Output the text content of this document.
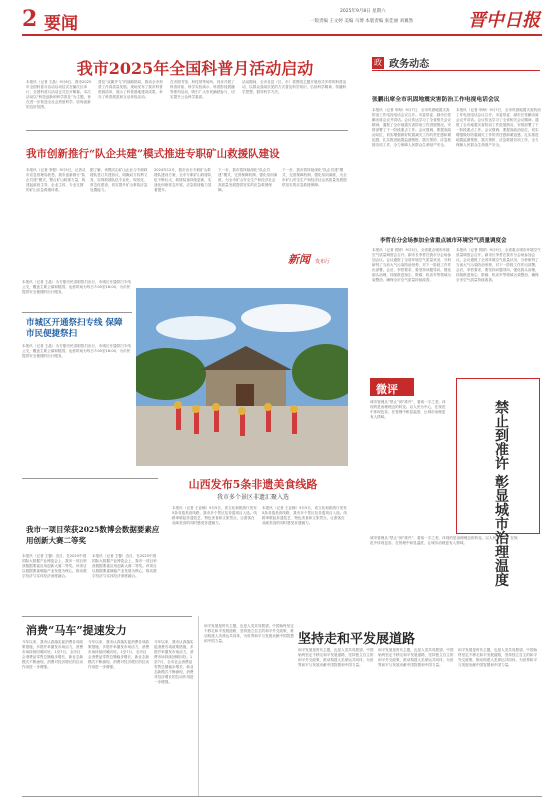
2 要闻
2025年9月8日 星期六
一版责编 王文婷 美编 马博 本版责编 张佳丽 刘翼然	晋中日报
我市2025年全国科普月活动启动
本报讯（记者 王晶）9月6日，我市2025年全国科普月活动启动仪式在榆次区举行，全国科普月活动正式拉开帷幕。本次活动以“科技创新和科学普及”为主题，旨在进一步营造全社会热爱科学、崇尚创新的良好氛围。
普及“双翼齐飞”的战略格局，推动全市科普工作高质量发展。现场发布了我市科普资源清单，展示了科普基地建设成果，举办了科普展览和互动体验活动。
在市图书馆、科技馆等场所，同步开展了科普讲座、科学实验演示、科普影视展播等系列活动，吸引广大市民踊跃参与，切实提升公众科学素质。
活动期间，全市各县（区、市）将围绕主题开展形式多样的科普活动，以群众喜闻乐见的方式普及科学知识，弘扬科学精神，传播科学思想，倡导科学方法。
我市创新推行“队企共建”模式推进专职矿山救援队建设
本报讯（记者 李强）9月5日，记者从市应急管理局获悉，我市创新推行“队企共建”模式，整合矿山救援力量，构建起政府主导、企业主体、专业支撑的矿山应急救援体系。
据了解，该模式由矿山企业与专职救援队签订共建协议，明确双方权利义务，实现救援队伍专业化、规范化、常态化建设，切实提升矿山事故应急处置能力。
2024年12月，我市出台专职矿山救援队建设方案，全市专职矿山救援队伍不断壮大，救援装备持续更新，实战化训练常态开展，应急救援能力显著提升。
下一步，我市将持续深化“队企共建”模式，完善保障机制，强化培训演练，为全市矿山安全生产和经济社会高质量发展提供坚实的应急救援保障。
下一步，我市将持续深化“队企共建”模式，完善保障机制，强化培训演练，为全市矿山安全生产和经济社会高质量发展提供坚实的应急救援保障。
新闻 发布厅
政 政务动态
张鹏出席全市巩固地震灾害防治工作电视电话会议
本报讯（记者 申海）9月7日，全市巩固地震灾害防治工作电视电话会议召开。市委常委、副市长张鹏出席会议并讲话。会议传达学习了全省相关会议精神，通报了全市地震灾害防治工作进展情况，安排部署了下一阶段重点工作。会议强调，要提高政治站位，切实增强做好防震减灾工作的责任感和紧迫感，扎实推进地震监测预报、震灾预防、应急救援各项工作，全力保障人民群众生命财产安全。
本报讯（记者 申海）9月7日，全市巩固地震灾害防治工作电视电话会议召开。市委常委、副市长张鹏出席会议并讲话。会议传达学习了全省相关会议精神，通报了全市地震灾害防治工作进展情况，安排部署了下一阶段重点工作。会议强调，要提高政治站位，切实增强做好防震减灾工作的责任感和紧迫感，扎实推进地震监测预报、震灾预防、应急救援各项工作，全力保障人民群众生命财产安全。
李哲在分会场参加全省重点城市环境空气质量调度会
本报讯（记者 郭婷）9月5日，全省重点城市环境空气质量调度会召开。副市长李哲在我市分会场参加会议。会议通报了全省环境空气质量状况，分析研判了当前大气污染防治形势，对下一阶段工作作出部署。会后，李哲要求，要坚持问题导向，强化源头治理，持续推进扬尘、散煤、机动车等领域污染整治，确保全市空气质量持续改善。
本报讯（记者 郭婷）9月5日，全省重点城市环境空气质量调度会召开。副市长李哲在我市分会场参加会议。会议通报了全省环境空气质量状况，分析研判了当前大气污染防治形势，对下一阶段工作作出部署。会后，李哲要求，要坚持问题导向，强化源头治理，持续推进扬尘、散煤、机动车等领域污染整治，确保全市空气质量持续改善。
本报讯（记者 王晶）为方便市民清明祭扫出行，市城区开通祭扫专线公交，覆盖主要公墓和陵园，运营时间为每日7:00至18:00，为市民提供安全便捷的出行服务。
市城区开通祭扫专线 保障市民便捷祭扫
本报讯（记者 王晶）为方便市民清明祭扫出行，市城区开通祭扫专线公交，覆盖主要公墓和陵园，运营时间为每日7:00至18:00，为市民提供安全便捷的出行服务。
微评
城市管理从“禁止”到“准许”，看似一字之差，体现的是治理理念的转变。以人民为中心，在规范中体现包容，在管理中彰显温度，让城市治理更有人情味。
城市管理从“禁止”到“准许”，看似一字之差，体现的是治理理念的转变。以人民为中心，在规范中体现包容，在管理中彰显温度，让城市治理更有人情味。	禁止到准许 彰显城市治理温度
山西发布5条非遗美食线路
我市多个景区非遗汇聚入选
本报讯（记者 王亚楠）9月5日，省文化和旅游厅发布5条非遗美食线路，我市多个景区及非遗项目入选。线路串联起非遗技艺、特色美食和文旅景点，让游客在品味美食的同时感受非遗魅力。
本报讯（记者 王亚楠）9月5日，省文化和旅游厅发布5条非遗美食线路，我市多个景区及非遗项目入选。线路串联起非遗技艺、特色美食和文旅景点，让游客在品味美食的同时感受非遗魅力。
我市一项目荣获2025数博会数据要素应用创新大赛二等奖
本报讯（记者 王馨）近日，在2025中国国际大数据产业博览会上，我市一项目荣获数据要素应用创新大赛二等奖。该项目以数据要素赋能产业发展为核心，推动数字经济与实体经济深度融合。
本报讯（记者 王馨）近日，在2025中国国际大数据产业博览会上，我市一项目荣获数据要素应用创新大赛二等奖。该项目以数据要素赋能产业发展为核心，推动数字经济与实体经济深度融合。
消费“马车”提速发力
今年以来，我市认真落实促消费各项政策措施，多措并举激发市场活力，消费市场持续回暖向好。1至7月，全市社会消费品零售总额稳步增长，新业态新模式不断涌现，消费对经济增长的拉动作用进一步增强。
今年以来，我市认真落实促消费各项政策措施，多措并举激发市场活力，消费市场持续回暖向好。1至7月，全市社会消费品零售总额稳步增长，新业态新模式不断涌现，消费对经济增长的拉动作用进一步增强。
今年以来，我市认真落实促消费各项政策措施，多措并举激发市场活力，消费市场持续回暖向好。1至7月，全市社会消费品零售总额稳步增长，新业态新模式不断涌现，消费对经济增长的拉动作用进一步增强。
坚持走和平发展道路
和平发展是时代主题，也是人类共同愿望。中国始终坚定不移走和平发展道路，坚持独立自主的和平外交政策，推动构建人类命运共同体，为世界和平与发展贡献中国智慧和中国力量。
和平发展是时代主题，也是人类共同愿望。中国始终坚定不移走和平发展道路，坚持独立自主的和平外交政策，推动构建人类命运共同体，为世界和平与发展贡献中国智慧和中国力量。
和平发展是时代主题，也是人类共同愿望。中国始终坚定不移走和平发展道路，坚持独立自主的和平外交政策，推动构建人类命运共同体，为世界和平与发展贡献中国智慧和中国力量。
和平发展是时代主题，也是人类共同愿望。中国始终坚定不移走和平发展道路，坚持独立自主的和平外交政策，推动构建人类命运共同体，为世界和平与发展贡献中国智慧和中国力量。
